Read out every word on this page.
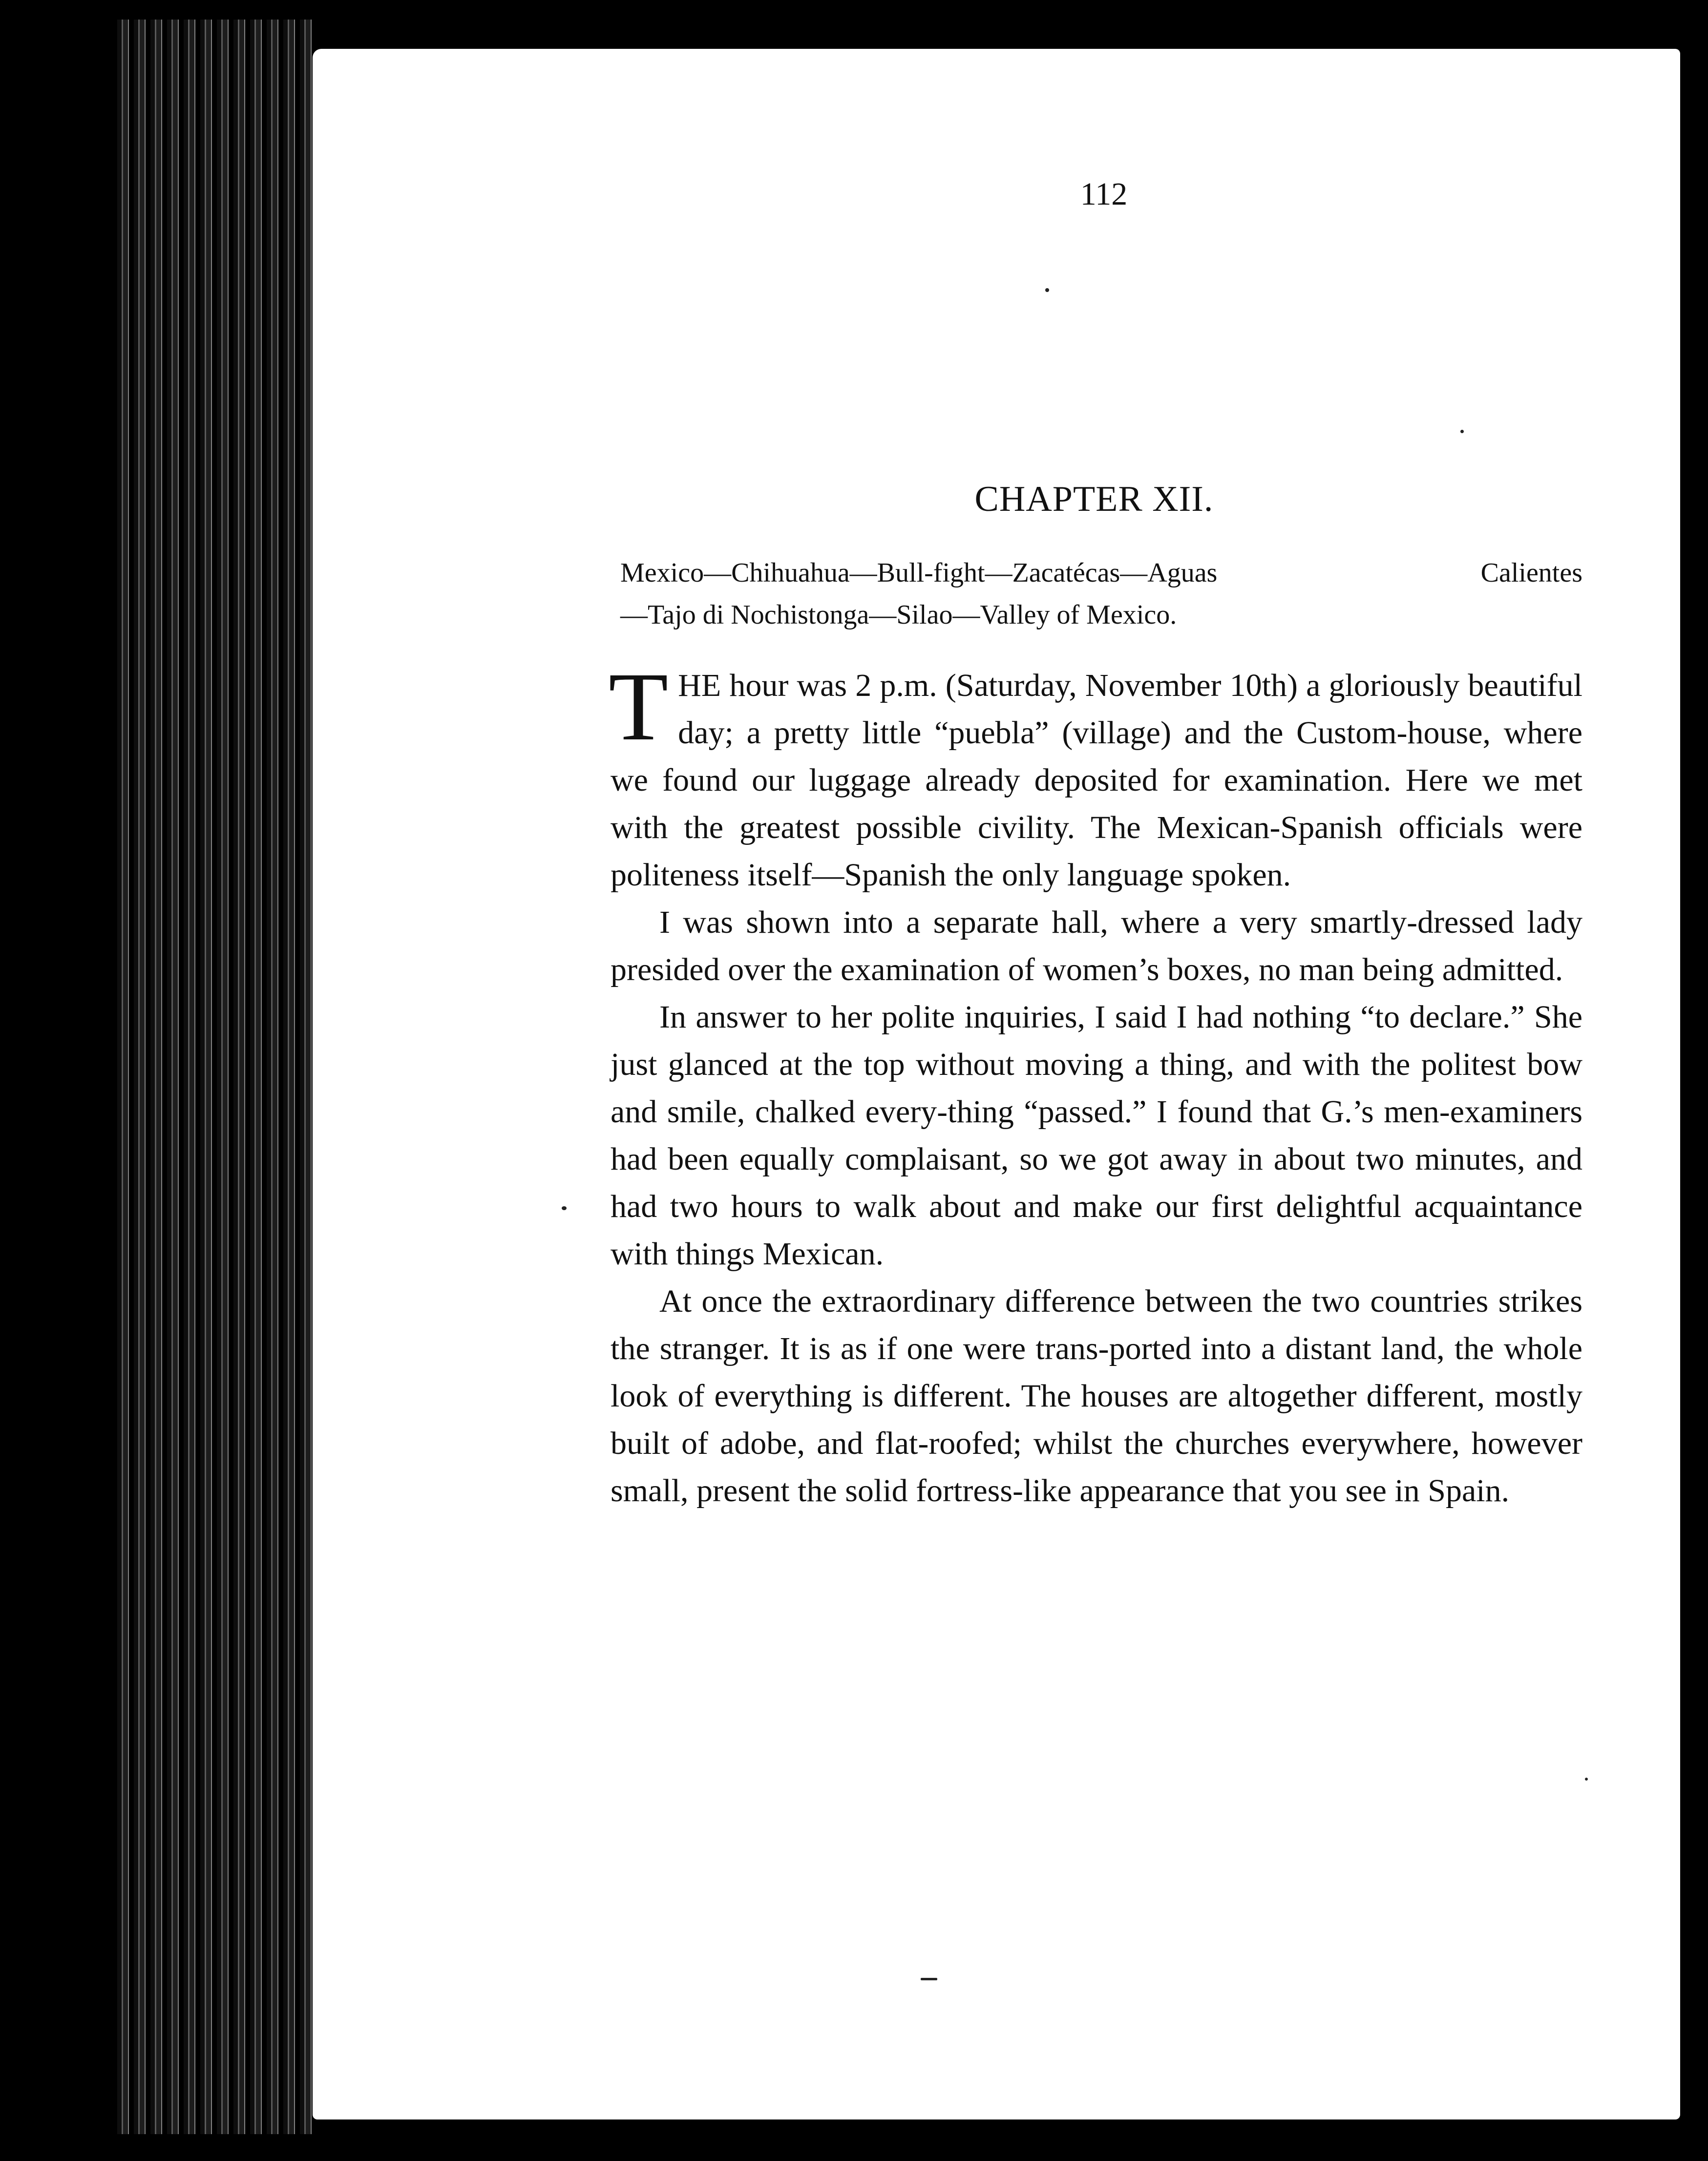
112
CHAPTER XII.
Mexico—Chihuahua—Bull-fight—Zacatécas—Aguas Calientes
—Tajo di Nochistonga—Silao—Valley of Mexico.

T HE hour was 2 p.m. (Saturday, November 10th) a gloriously beautiful day; a pretty little “puebla” (village) and the Custom-house, where we found our luggage already deposited for examination. Here we met with the greatest possible civility. The Mexican-Spanish officials were politeness itself—Spanish the only language spoken.

I was shown into a separate hall, where a very smartly-dressed lady presided over the examination of women’s boxes, no man being admitted.

In answer to her polite inquiries, I said I had nothing “to declare.” She just glanced at the top without moving a thing, and with the politest bow and smile, chalked every-thing “passed.” I found that G.’s men-examiners had been equally complaisant, so we got away in about two minutes, and had two hours to walk about and make our first delightful acquaintance with things Mexican.

At once the extraordinary difference between the two countries strikes the stranger. It is as if one were trans-ported into a distant land, the whole look of everything is different. The houses are altogether different, mostly built of adobe, and flat-roofed; whilst the churches everywhere, however small, present the solid fortress-like appearance that you see in Spain.
